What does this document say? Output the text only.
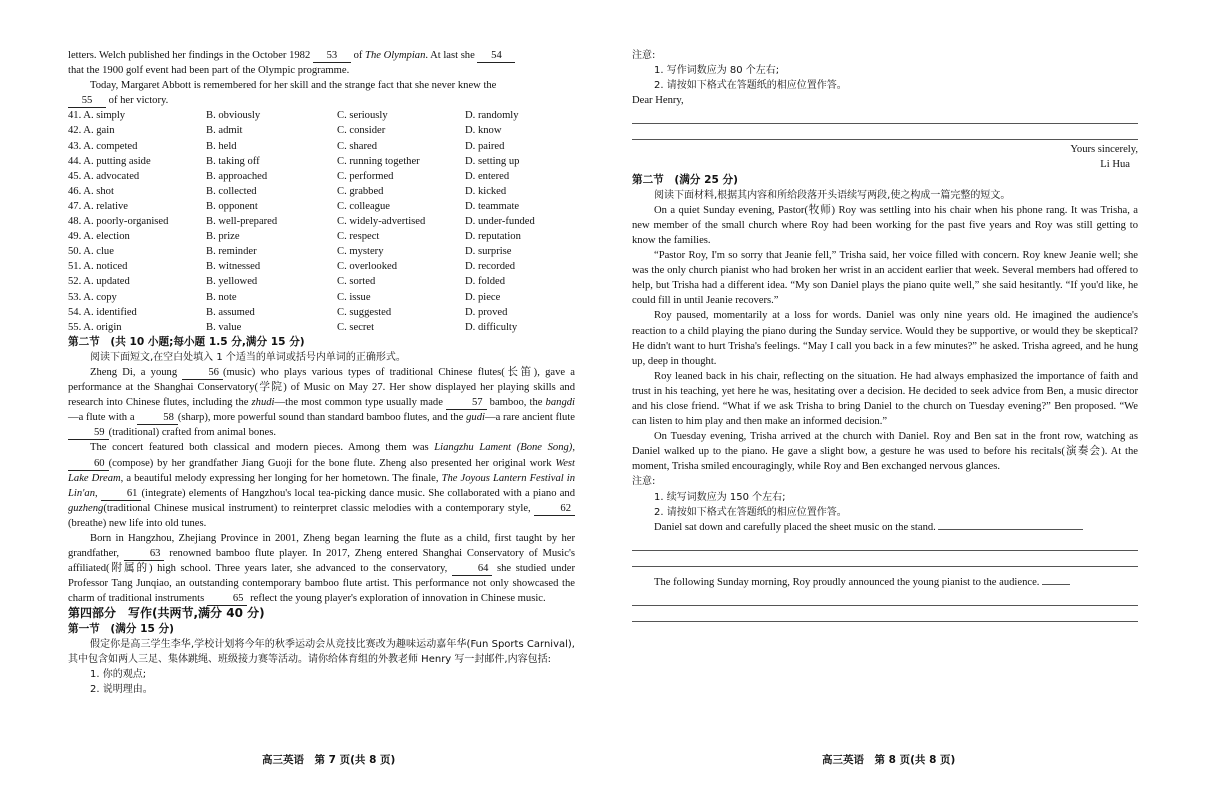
letters. Welch published her findings in the October 1982 53 of The Olympian. At last she 54

that the 1900 golf event had been part of the Olympic programme.

Today, Margaret Abbott is remembered for her skill and the strange fact that she never knew the

55 of her victory.

41. A. simply	B. obviously	C. seriously	D. randomly
42. A. gain	B. admit	C. consider	D. know
43. A. competed	B. held	C. shared	D. paired
44. A. putting aside	B. taking off	C. running together	D. setting up
45. A. advocated	B. approached	C. performed	D. entered
46. A. shot	B. collected	C. grabbed	D. kicked
47. A. relative	B. opponent	C. colleague	D. teammate
48. A. poorly-organised	B. well-prepared	C. widely-advertised	D. under-funded
49. A. election	B. prize	C. respect	D. reputation
50. A. clue	B. reminder	C. mystery	D. surprise
51. A. noticed	B. witnessed	C. overlooked	D. recorded
52. A. updated	B. yellowed	C. sorted	D. folded
53. A. copy	B. note	C. issue	D. piece
54. A. identified	B. assumed	C. suggested	D. proved
55. A. origin	B. value	C. secret	D. difficulty

第二节　(共 10 小题;每小题 1.5 分,满分 15 分)

阅读下面短文,在空白处填入 1 个适当的单词或括号内单词的正确形式。

Zheng Di, a young 56 (music) who plays various types of traditional Chinese flutes(长笛), gave a performance at the Shanghai Conservatory(学院) of Music on May 27. Her show displayed her playing skills and research into Chinese flutes, including the zhudi—the most common type usually made 57 bamboo, the bangdi—a flute with a 58 (sharp), more powerful sound than standard bamboo flutes, and the gudi—a rare ancient flute 59 (traditional) crafted from animal bones.

The concert featured both classical and modern pieces. Among them was Liangzhu Lament (Bone Song), 60 (compose) by her grandfather Jiang Guoji for the bone flute. Zheng also presented her original work West Lake Dream, a beautiful melody expressing her longing for her hometown. The finale, The Joyous Lantern Festival in Lin'an, 61 (integrate) elements of Hangzhou's local tea-picking dance music. She collaborated with a piano and guzheng(traditional Chinese musical instrument) to reinterpret classic melodies with a contemporary style, 62(breathe) new life into old tunes.

Born in Hangzhou, Zhejiang Province in 2001, Zheng began learning the flute as a child, first taught by her grandfather, 63 renowned bamboo flute player. In 2017, Zheng entered Shanghai Conservatory of Music's affiliated(附属的) high school. Three years later, she advanced to the conservatory, 64 she studied under Professor Tang Junqiao, an outstanding contemporary bamboo flute artist. This performance not only showcased the charm of traditional instruments 65 reflect the young player's exploration of innovation in Chinese music.

第四部分　写作(共两节,满分 40 分)

第一节　(满分 15 分)

假定你是高三学生李华,学校计划将今年的秋季运动会从竞技比赛改为趣味运动嘉年华(Fun Sports Carnival),其中包含如两人三足、集体跳绳、班级接力赛等活动。请你给体育组的外教老师 Henry 写一封邮件,内容包括:

1. 你的观点;

2. 说明理由。

高三英语　第 7 页(共 8 页)

注意:

1. 写作词数应为 80 个左右;

2. 请按如下格式在答题纸的相应位置作答。

Dear Henry,

Yours sincerely,

Li Hua

第二节　(满分 25 分)

阅读下面材料,根据其内容和所给段落开头语续写两段,使之构成一篇完整的短文。

On a quiet Sunday evening, Pastor(牧师) Roy was settling into his chair when his phone rang. It was Trisha, a new member of the small church where Roy had been working for the past five years and Roy was still getting to know the families.

“Pastor Roy, I'm so sorry that Jeanie fell,” Trisha said, her voice filled with concern. Roy knew Jeanie well; she was the only church pianist who had broken her wrist in an accident earlier that week. Several members had offered to help, but Trisha had a different idea. “My son Daniel plays the piano quite well,” she said hesitantly. “If you'd like, he could fill in until Jeanie recovers.”

Roy paused, momentarily at a loss for words. Daniel was only nine years old. He imagined the audience's reaction to a child playing the piano during the Sunday service. Would they be supportive, or would they be skeptical? He didn't want to hurt Trisha's feelings. “May I call you back in a few minutes?” he asked. Trisha agreed, and he hung up, deep in thought.

Roy leaned back in his chair, reflecting on the situation. He had always emphasized the importance of faith and trust in his teaching, yet here he was, hesitating over a decision. He decided to seek advice from Ben, a music director and his close friend. “What if we ask Trisha to bring Daniel to the church on Tuesday evening?” Ben proposed. “We can listen to him play and then make an informed decision.”

On Tuesday evening, Trisha arrived at the church with Daniel. Roy and Ben sat in the front row, watching as Daniel walked up to the piano. He gave a slight bow, a gesture he was used to before his recitals(演奏会). At the moment, Trisha smiled encouragingly, while Roy and Ben exchanged nervous glances.

注意:

1. 续写词数应为 150 个左右;

2. 请按如下格式在答题纸的相应位置作答。

Daniel sat down and carefully placed the sheet music on the stand.

The following Sunday morning, Roy proudly announced the young pianist to the audience.

高三英语　第 8 页(共 8 页)
